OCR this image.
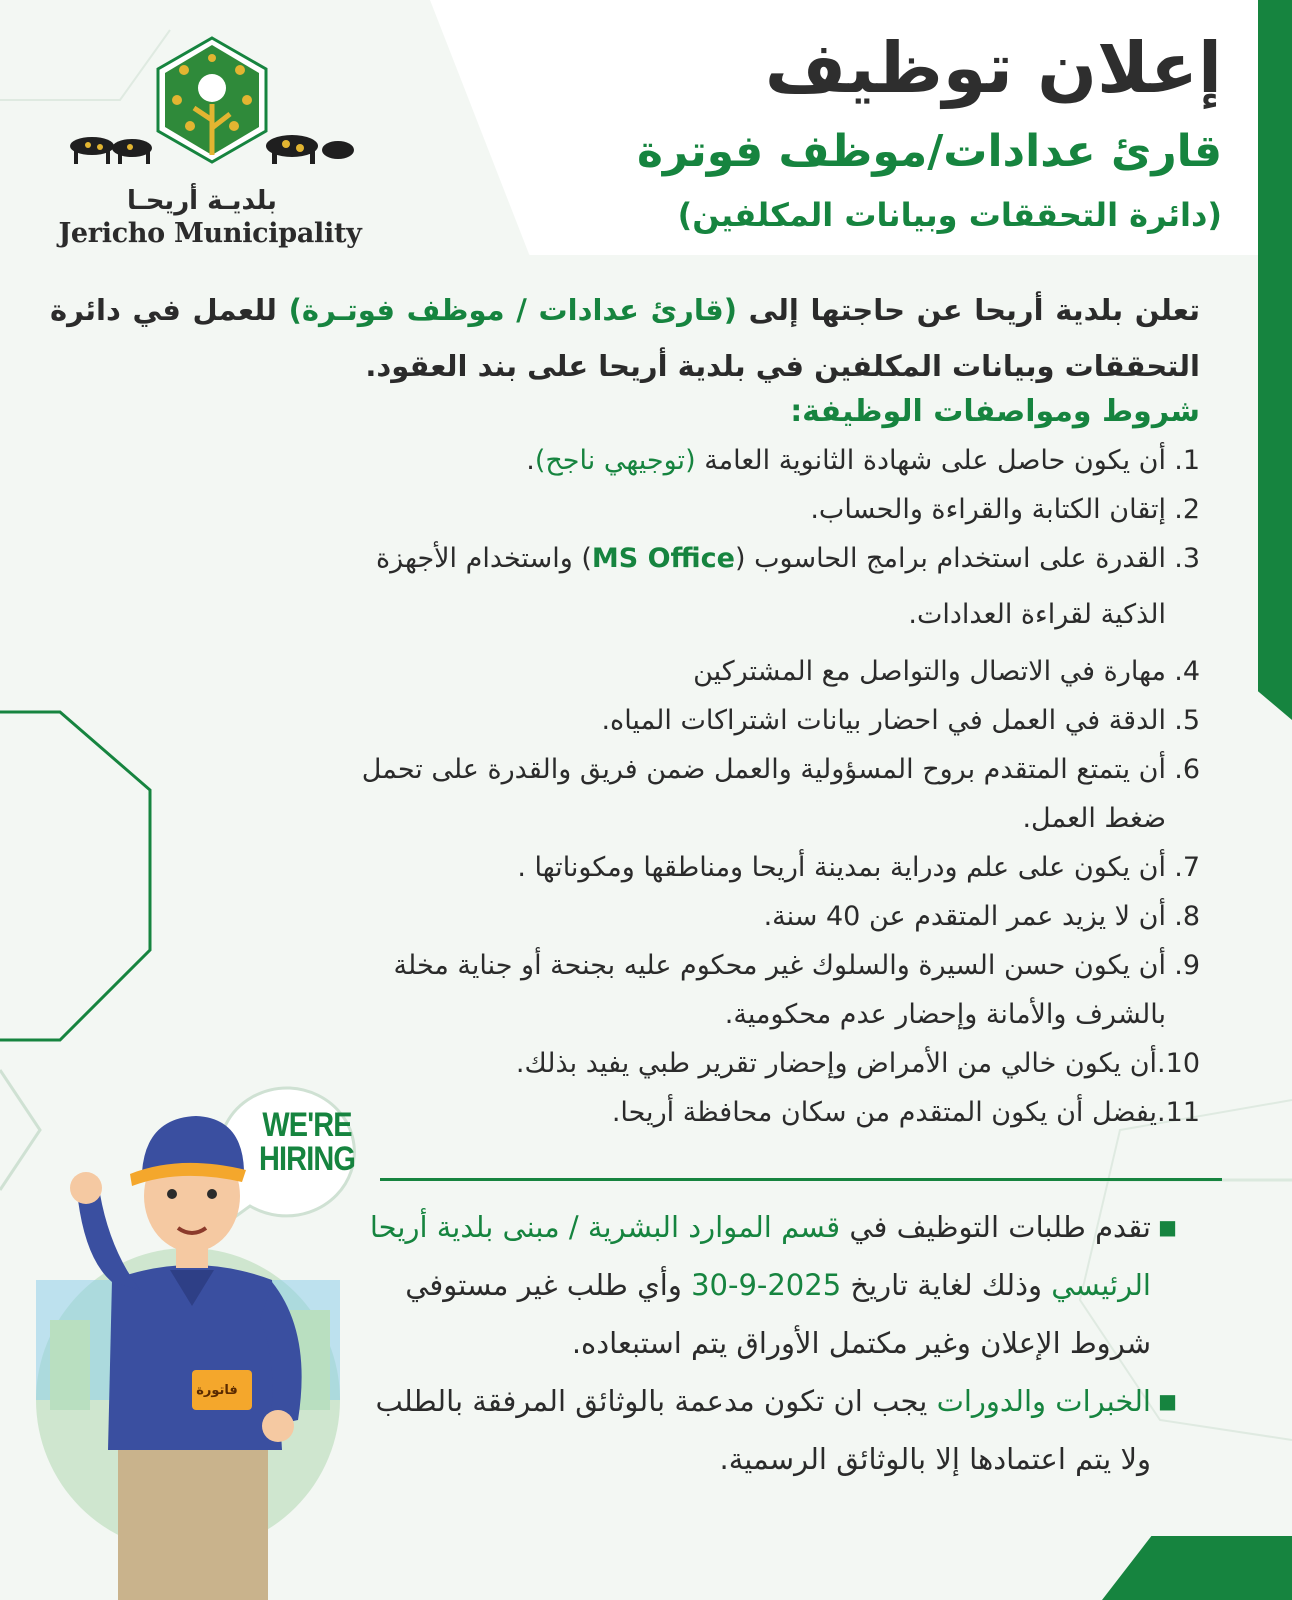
إعلان توظيف
قارئ عدادات/موظف فوترة
(دائرة التحققات وبيانات المكلفين)
بلديـة أريحـا
Jericho Municipality
تعلن بلدية أريحا عن حاجتها إلى (قارئ عدادات / موظف فوتـرة) للعمل في دائرة التحققات وبيانات المكلفين في بلدية أريحا على بند العقود.
شروط ومواصفات الوظيفة:
1.
أن يكون حاصل على شهادة الثانوية العامة (توجيهي ناجح).
2.
إتقان الكتابة والقراءة والحساب.
3.
القدرة على استخدام برامج الحاسوب (MS Office) واستخدام الأجهزة
الذكية لقراءة العدادات.
4.
مهارة في الاتصال والتواصل مع المشتركين
5.
الدقة في العمل في احضار بيانات اشتراكات المياه.
6.
أن يتمتع المتقدم بروح المسؤولية والعمل ضمن فريق والقدرة على تحمل
ضغط العمل.
7.
أن يكون على علم ودراية بمدينة أريحا ومناطقها ومكوناتها .
8.
أن لا يزيد عمر المتقدم عن 40 سنة.
9.
أن يكون حسن السيرة والسلوك غير محكوم عليه بجنحة أو جناية مخلة
بالشرف والأمانة وإحضار عدم محكومية.
10.
أن يكون خالي من الأمراض وإحضار تقرير طبي يفيد بذلك.
11.
يفضل أن يكون المتقدم من سكان محافظة أريحا.
■
تقدم طلبات التوظيف في قسم الموارد البشرية / مبنى بلدية أريحا الرئيسي وذلك لغاية تاريخ 30-9-2025 وأي طلب غير مستوفي شروط الإعلان وغير مكتمل الأوراق يتم استبعاده.
■
الخبرات والدورات يجب ان تكون مدعمة بالوثائق المرفقة بالطلب ولا يتم اعتمادها إلا بالوثائق الرسمية.
WE'RE
HIRING
فاتورة
